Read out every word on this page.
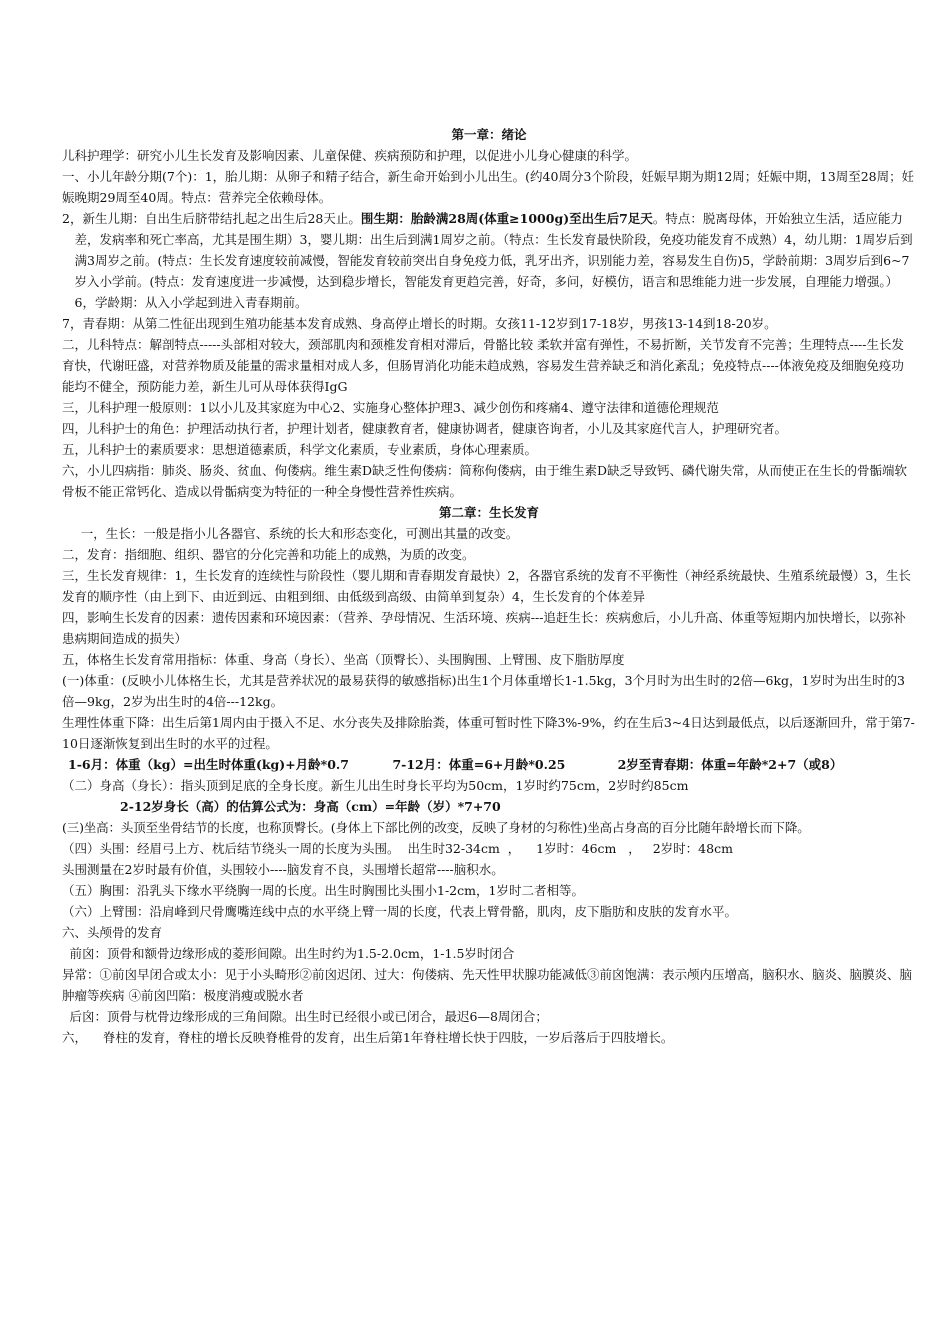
第一章：绪论

儿科护理学：研究小儿生长发育及影响因素、儿童保健、疾病预防和护理，以促进小儿身心健康的科学。

一、小儿年龄分期(7个)：1，胎儿期：从卵子和精子结合，新生命开始到小儿出生。(约40周分3个阶段，妊娠早期为期12周；妊娠中期，13周至28周；妊娠晚期29周至40周。特点：营养完全依赖母体。

2，新生儿期：自出生后脐带结扎起之出生后28天止。围生期：胎龄满28周(体重≥1000g)至出生后7足天。特点：脱离母体，开始独立生活，适应能力差，发病率和死亡率高，尤其是围生期）3，婴儿期：出生后到满1周岁之前。（特点：生长发育最快阶段，免疫功能发育不成熟）4，幼儿期：1周岁后到满3周岁之前。(特点：生长发育速度较前减慢，智能发育较前突出自身免疫力低，乳牙出齐，识别能力差，容易发生自伤)5，学龄前期：3周岁后到6~7岁入小学前。(特点：发育速度进一步减慢，达到稳步增长，智能发育更趋完善，好奇，多问，好模仿，语言和思维能力进一步发展，自理能力增强。）6，学龄期：从入小学起到进入青春期前。

7，青春期：从第二性征出现到生殖功能基本发育成熟、身高停止增长的时期。女孩11-12岁到17-18岁，男孩13-14到18-20岁。

二，儿科特点：解剖特点-----头部相对较大，颈部肌肉和颈椎发育相对滞后，骨骼比较 柔软并富有弹性，不易折断，关节发育不完善；生理特点----生长发育快，代谢旺盛，对营养物质及能量的需求量相对成人多，但肠胃消化功能未趋成熟，容易发生营养缺乏和消化紊乱；免疫特点----体液免疫及细胞免疫功能均不健全，预防能力差，新生儿可从母体获得IgG

三，儿科护理一般原则：1以小儿及其家庭为中心2、实施身心整体护理3、减少创伤和疼痛4、遵守法律和道德伦理规范

四，儿科护士的角色：护理活动执行者，护理计划者，健康教育者，健康协调者，健康咨询者，小儿及其家庭代言人，护理研究者。

五，儿科护士的素质要求：思想道德素质，科学文化素质，专业素质，身体心理素质。

六，小儿四病指：肺炎、肠炎、贫血、佝偻病。维生素D缺乏性佝偻病：简称佝偻病，由于维生素D缺乏导致钙、磷代谢失常，从而使正在生长的骨骺端软骨板不能正常钙化、造成以骨骺病变为特征的一种全身慢性营养性疾病。

第二章：生长发育

一，生长：一般是指小儿各器官、系统的长大和形态变化，可测出其量的改变。

二，发育：指细胞、组织、器官的分化完善和功能上的成熟，为质的改变。

三，生长发育规律：1，生长发育的连续性与阶段性（婴儿期和青春期发育最快）2，各器官系统的发育不平衡性（神经系统最快、生殖系统最慢）3，生长发育的顺序性（由上到下、由近到远、由粗到细、由低级到高级、由简单到复杂）4，生长发育的个体差异

四，影响生长发育的因素：遗传因素和环境因素：（营养、孕母情况、生活环境、疾病---追赶生长：疾病愈后，小儿升高、体重等短期内加快增长，以弥补患病期间造成的损失）

五，体格生长发育常用指标：体重、身高（身长）、坐高（顶臀长）、头围胸围、上臂围、皮下脂肪厚度

(一)体重：(反映小儿体格生长，尤其是营养状况的最易获得的敏感指标)出生1个月体重增长1-1.5kg，3个月时为出生时的2倍—6kg，1岁时为出生时的3倍—9kg，2岁为出生时的4倍---12kg。

生理性体重下降：出生后第1周内由于摄入不足、水分丧失及排除胎粪，体重可暂时性下降3%-9%，约在生后3~4日达到最低点，以后逐渐回升，常于第7-10日逐渐恢复到出生时的水平的过程。

1-6月：体重（kg）=出生时体重(kg)+月龄*0.7          7-12月：体重=6+月龄*0.25            2岁至青春期：体重=年龄*2+7（或8）

（二）身高（身长）：指头顶到足底的全身长度。新生儿出生时身长平均为50cm，1岁时约75cm，2岁时约85cm

2-12岁身长（高）的估算公式为：身高（cm）=年龄（岁）*7+70

(三)坐高：头顶至坐骨结节的长度，也称顶臀长。(身体上下部比例的改变，反映了身材的匀称性)坐高占身高的百分比随年龄增长而下降。

（四）头围：经眉弓上方、枕后结节绕头一周的长度为头围。  出生时32-34cm  ，    1岁时：46cm   ，   2岁时：48cm

头围测量在2岁时最有价值，头围较小----脑发育不良，头围增长超常----脑积水。

（五）胸围：沿乳头下缘水平绕胸一周的长度。出生时胸围比头围小1-2cm，1岁时二者相等。

（六）上臂围：沿肩峰到尺骨鹰嘴连线中点的水平绕上臂一周的长度，代表上臂骨骼，肌肉，皮下脂肪和皮肤的发育水平。

六、头颅骨的发育

前囟：顶骨和额骨边缘形成的菱形间隙。出生时约为1.5-2.0cm，1-1.5岁时闭合

异常：①前囟早闭合或太小：见于小头畸形②前囟迟闭、过大：佝偻病、先天性甲状腺功能减低③前囟饱满：表示颅内压增高，脑积水、脑炎、脑膜炎、脑肿瘤等疾病 ④前囟凹陷：极度消瘦或脱水者

后囟：顶骨与枕骨边缘形成的三角间隙。出生时已经很小或已闭合，最迟6—8周闭合；

六，    脊柱的发育，脊柱的增长反映脊椎骨的发育，出生后第1年脊柱增长快于四肢，一岁后落后于四肢增长。
